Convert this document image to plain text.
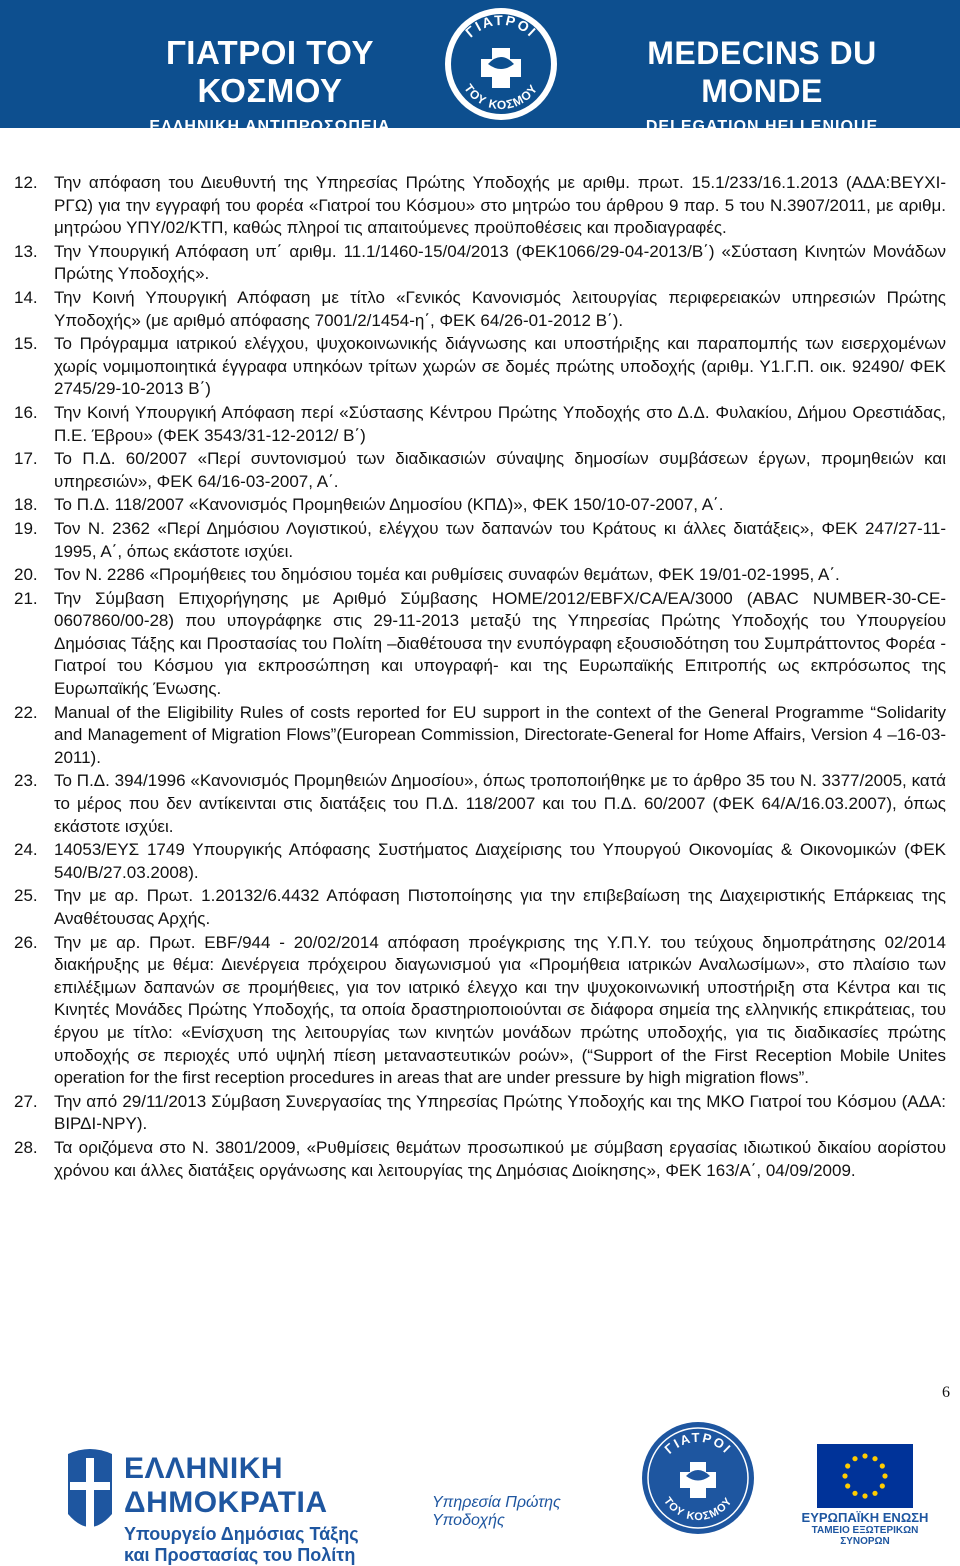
ΓΙΑΤΡΟΙ ΤΟΥ ΚΟΣΜΟΥ
ΕΛΛΗΝΙΚΗ ΑΝΤΙΠΡΟΣΩΠΕΙΑ
ΓΙΑΤΡΟΙ
ΤΟΥ ΚΟΣΜΟΥ
MEDECINS DU MONDE
DELEGATION HELLENIQUE
12. Την απόφαση του Διευθυντή της Υπηρεσίας Πρώτης Υποδοχής με αριθμ. πρωτ. 15.1/233/16.1.2013 (ΑΔΑ:ΒΕΥΧΙ-ΡΓΩ) για την εγγραφή του φορέα «Γιατροί του Κόσμου» στο μητρώο του άρθρου 9 παρ. 5 του Ν.3907/2011, με αριθμ. μητρώου ΥΠΥ/02/ΚΤΠ, καθώς πληροί τις απαιτούμενες προϋποθέσεις και προδιαγραφές.
13. Την Υπουργική Απόφαση υπ΄ αριθμ. 11.1/1460-15/04/2013 (ΦΕΚ1066/29-04-2013/Β΄) «Σύσταση Κινητών Μονάδων Πρώτης Υποδοχής».
14. Την Κοινή Υπουργική Απόφαση με τίτλο «Γενικός Κανονισμός λειτουργίας περιφερειακών υπηρεσιών Πρώτης Υποδοχής» (με αριθμό απόφασης 7001/2/1454-η΄, ΦΕΚ 64/26-01-2012 Β΄).
15. Το Πρόγραμμα ιατρικού ελέγχου, ψυχοκοινωνικής διάγνωσης και υποστήριξης και παραπομπής των εισερχομένων χωρίς νομιμοποιητικά έγγραφα υπηκόων τρίτων χωρών σε δομές πρώτης υποδοχής (αριθμ. Υ1.Γ.Π. οικ. 92490/ ΦΕΚ 2745/29-10-2013 Β΄)
16. Την Κοινή Υπουργική Απόφαση περί «Σύστασης Κέντρου Πρώτης Υποδοχής στο Δ.Δ. Φυλακίου, Δήμου Ορεστιάδας, Π.Ε. Έβρου» (ΦΕΚ 3543/31-12-2012/ Β΄)
17. Το Π.Δ. 60/2007 «Περί συντονισμού των διαδικασιών σύναψης δημοσίων συμβάσεων έργων, προμηθειών και υπηρεσιών», ΦΕΚ 64/16-03-2007, Α΄.
18. Το Π.Δ. 118/2007 «Κανονισμός Προμηθειών Δημοσίου (ΚΠΔ)», ΦΕΚ 150/10-07-2007, Α΄.
19. Τον Ν. 2362 «Περί Δημόσιου Λογιστικού, ελέγχου των δαπανών του Κράτους κι άλλες διατάξεις», ΦΕΚ 247/27-11-1995, Α΄, όπως εκάστοτε ισχύει.
20. Τον Ν. 2286 «Προμήθειες του δημόσιου τομέα και ρυθμίσεις συναφών θεμάτων, ΦΕΚ 19/01-02-1995, Α΄.
21. Την Σύμβαση Επιχορήγησης με Αριθμό Σύμβασης HOME/2012/EBFX/CA/EA/3000 (ABAC NUMBER-30-CE-0607860/00-28) που υπογράφηκε στις 29-11-2013 μεταξύ της Υπηρεσίας Πρώτης Υποδοχής του Υπουργείου Δημόσιας Τάξης και Προστασίας του Πολίτη –διαθέτουσα την ενυπόγραφη εξουσιοδότηση του Συμπράττοντος Φορέα - Γιατροί του Κόσμου για εκπροσώπηση και υπογραφή- και της Ευρωπαϊκής Επιτροπής ως εκπρόσωπος της Ευρωπαϊκής Ένωσης.
22. Manual of the Eligibility Rules of costs reported for EU support in the context of the General Programme “Solidarity and Management of Migration Flows”(European Commission, Directorate-General for Home Affairs, Version 4 –16-03-2011).
23. Το Π.Δ. 394/1996 «Κανονισμός Προμηθειών Δημοσίου», όπως τροποποιήθηκε με το άρθρο 35 του Ν. 3377/2005, κατά το μέρος που δεν αντίκεινται στις διατάξεις του Π.Δ. 118/2007 και του Π.Δ. 60/2007 (ΦΕΚ 64/Α/16.03.2007), όπως εκάστοτε ισχύει.
24. 14053/ΕΥΣ 1749 Υπουργικής Απόφασης Συστήματος Διαχείρισης του Υπουργού Οικονομίας & Οικονομικών (ΦΕΚ 540/Β/27.03.2008).
25. Την με αρ. Πρωτ. 1.20132/6.4432 Απόφαση Πιστοποίησης για την επιβεβαίωση της Διαχειριστικής Επάρκειας της Αναθέτουσας Αρχής.
26. Την με αρ. Πρωτ. EBF/944 - 20/02/2014 απόφαση προέγκρισης της Υ.Π.Υ. του τεύχους δημοπράτησης 02/2014 διακήρυξης με θέμα: Διενέργεια πρόχειρου διαγωνισμού για «Προμήθεια ιατρικών Αναλωσίμων», στο πλαίσιο των επιλέξιμων δαπανών σε προμήθειες, για τον ιατρικό έλεγχο και την ψυχοκοινωνική υποστήριξη στα Κέντρα και τις Κινητές Μονάδες Πρώτης Υποδοχής, τα οποία δραστηριοποιούνται σε διάφορα σημεία της ελληνικής επικράτειας, του έργου με τίτλο: «Ενίσχυση της λειτουργίας των κινητών μονάδων πρώτης υποδοχής, για τις διαδικασίες πρώτης υποδοχής σε περιοχές υπό υψηλή πίεση μεταναστευτικών ροών», (“Support of the First Reception Mobile Unites operation for the first reception procedures in areas that are under pressure by high migration flows”.
27. Την από 29/11/2013 Σύμβαση Συνεργασίας της Υπηρεσίας Πρώτης Υποδοχής και της ΜΚΟ Γιατροί του Κόσμου (ΑΔΑ: ΒΙΡΔΙ-ΝΡΥ).
28. Τα οριζόμενα στο Ν. 3801/2009, «Ρυθμίσεις θεμάτων προσωπικού με σύμβαση εργασίας ιδιωτικού δικαίου αορίστου χρόνου και άλλες διατάξεις οργάνωσης και λειτουργίας της Δημόσιας Διοίκησης», ΦΕΚ 163/Α΄, 04/09/2009.
6
ΕΛΛΗΝΙΚΗ ΔΗΜΟΚΡΑΤΙΑ
Υπουργείο Δημόσιας Τάξης
και Προστασίας του Πολίτη
Υπηρεσία Πρώτης Υποδοχής
ΓΙΑΤΡΟΙ
ΤΟΥ ΚΟΣΜΟΥ
ΕΥΡΩΠΑΪΚΗ ΕΝΩΣΗ
ΤΑΜΕΙΟ ΕΞΩΤΕΡΙΚΩΝ ΣΥΝΟΡΩΝ
